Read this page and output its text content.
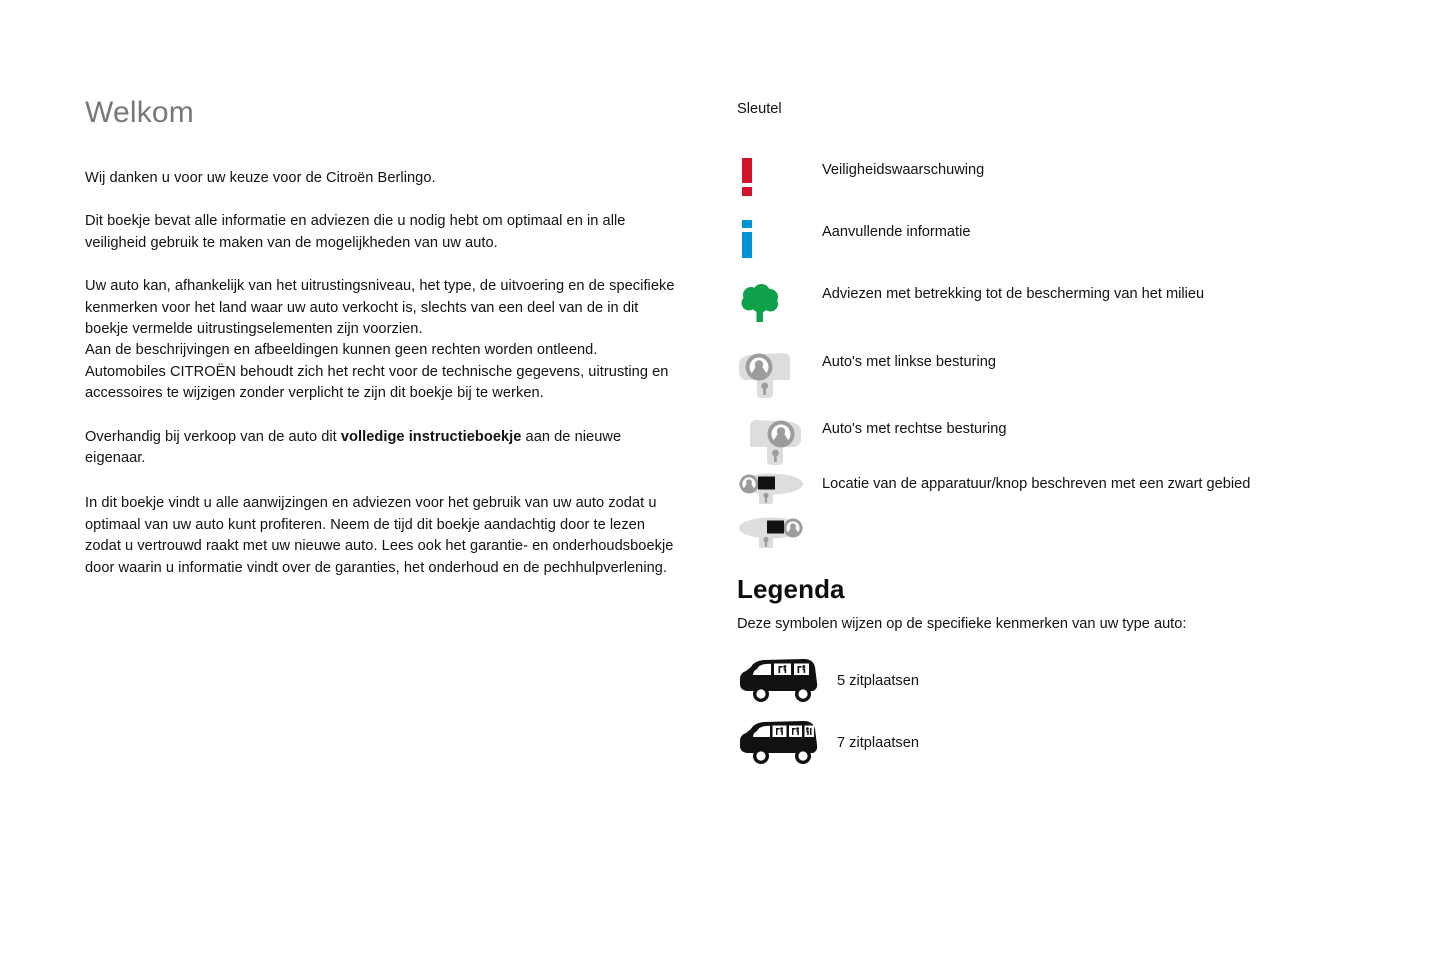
Welkom

Wij danken u voor uw keuze voor de Citroën Berlingo.

Dit boekje bevat alle informatie en adviezen die u nodig hebt om optimaal en in alle veiligheid gebruik te maken van de mogelijkheden van uw auto.

Uw auto kan, afhankelijk van het uitrustingsniveau, het type, de uitvoering en de specifieke kenmerken voor het land waar uw auto verkocht is, slechts van een deel van de in dit boekje vermelde uitrustingselementen zijn voorzien.

Aan de beschrijvingen en afbeeldingen kunnen geen rechten worden ontleend.

Automobiles CITROËN behoudt zich het recht voor de technische gegevens, uitrusting en accessoires te wijzigen zonder verplicht te zijn dit boekje bij te werken.

Overhandig bij verkoop van de auto dit volledige instructieboekje aan de nieuwe eigenaar.

In dit boekje vindt u alle aanwijzingen en adviezen voor het gebruik van uw auto zodat u optimaal van uw auto kunt profiteren. Neem de tijd dit boekje aandachtig door te lezen zodat u vertrouwd raakt met uw nieuwe auto. Lees ook het garantie- en onderhoudsboekje door waarin u informatie vindt over de garanties, het onderhoud en de pechhulpverlening.

Sleutel
Veiligheidswaarschuwing
Aanvullende informatie
Adviezen met betrekking tot de bescherming van het milieu
Auto's met linkse besturing
Auto's met rechtse besturing
Locatie van de apparatuur/knop beschreven met een zwart gebied
Legenda

Deze symbolen wijzen op de specifieke kenmerken van uw type auto:

5 zitplaatsen
7 zitplaatsen
